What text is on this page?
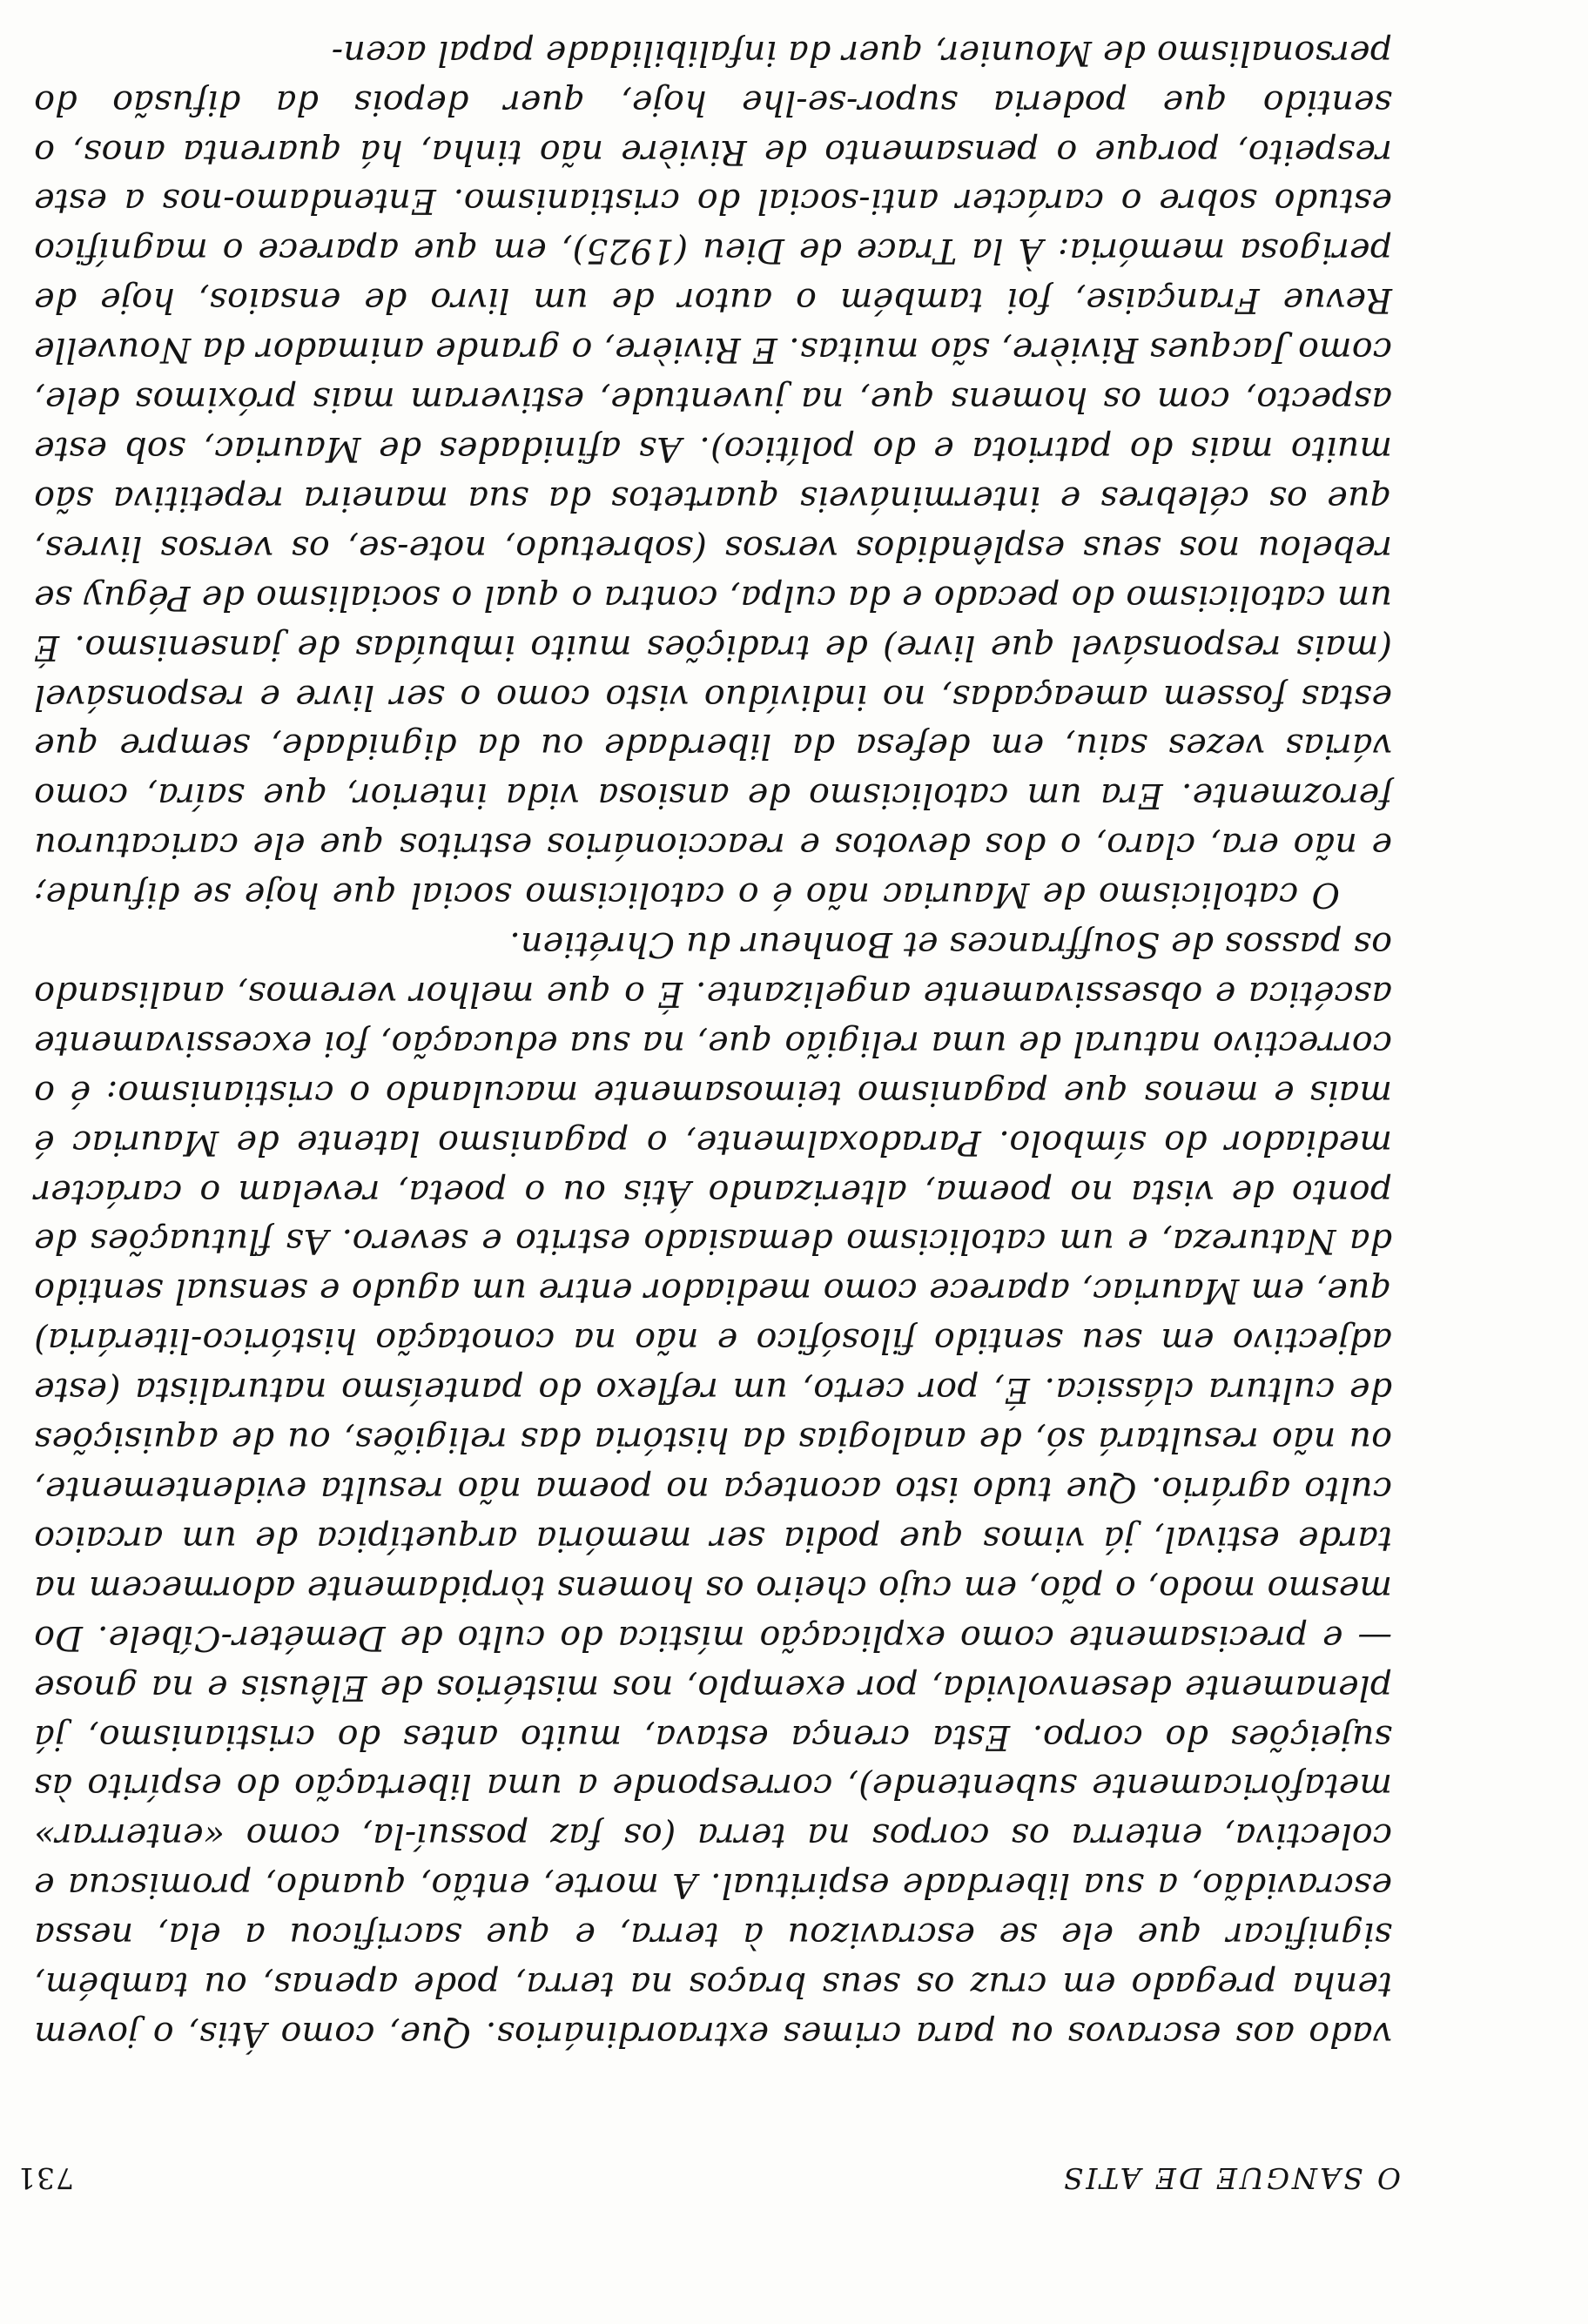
O SANGUE DE ATIS
731

vado aos escravos ou para crimes extraordinários. Que, como Átis, o jovem tenha pregado em cruz os seus braços na terra, pode apenas, ou também, significar que ele se escravizou à terra, e que sacrificou a ela, nessa escravidão, a sua liberdade espiritual. A morte, então, quando, promiscua e colectiva, enterra os corpos na terra (os faz possuí-la, como «enterrar» metafòricamente subentende), corresponde a uma libertação do espírito às sujeições do corpo. Esta crença estava, muito antes do cristianismo, já plenamente desenvolvida, por exemplo, nos mistérios de Elêusis e na gnose — e precisamente como explicação mística do culto de Deméter-Cíbele. Do mesmo modo, o pão, em cujo cheiro os homens tòrpidamente adormecem na tarde estival, já vimos que podia ser memória arquetípica de um arcaico culto agrário. Que tudo isto aconteça no poema não resulta evidentemente, ou não resultará só, de analogias da história das religiões, ou de aquisições de cultura clássica. É, por certo, um reflexo do panteísmo naturalista (este adjectivo em seu sentido filosófico e não na conotação histórico-literária) que, em Mauriac, aparece como mediador entre um agudo e sensual sentido da Natureza, e um catolicismo demasiado estrito e severo. As flutuações de ponto de vista no poema, alterizando Átis ou o poeta, revelam o carácter mediador do símbolo. Paradoxalmente, o paganismo latente de Mauriac é mais e menos que paganismo teimosamente maculando o cristianismo: é o correctivo natural de uma religião que, na sua educação, foi excessivamente ascética e obsessivamente angelizante. É o que melhor veremos, analisando os passos de Souffrances et Bonheur du Chrétien.

O catolicismo de Mauriac não é o catolicismo social que hoje se difunde; e não era, claro, o dos devotos e reaccionários estritos que ele caricaturou ferozmente. Era um catolicismo de ansiosa vida interior, que saíra, como várias vezes saiu, em defesa da liberdade ou da dignidade, sempre que estas fossem ameaçadas, no indivíduo visto como o ser livre e responsável (mais responsável que livre) de tradições muito imbuídas de jansenismo. É um catolicismo do pecado e da culpa, contra o qual o socialismo de Péguy se rebelou nos seus esplêndidos versos (sobretudo, note-se, os versos livres, que os célebres e intermináveis quartetos da sua maneira repetitiva são muito mais do patriota e do político). As afinidades de Mauriac, sob este aspecto, com os homens que, na juventude, estiveram mais próximos dele, como Jacques Rivière, são muitas. E Rivière, o grande animador da Nouvelle Revue Française, foi também o autor de um livro de ensaios, hoje de perigosa memória: À la Trace de Dieu (1925), em que aparece o magnífico estudo sobre o carácter anti-social do cristianismo. Entendamo-nos a este respeito, porque o pensamento de Rivière não tinha, há quarenta anos, o sentido que poderia supor-se-lhe hoje, quer depois da difusão do personalismo de Mounier, quer da infalibilidade papal acen-
